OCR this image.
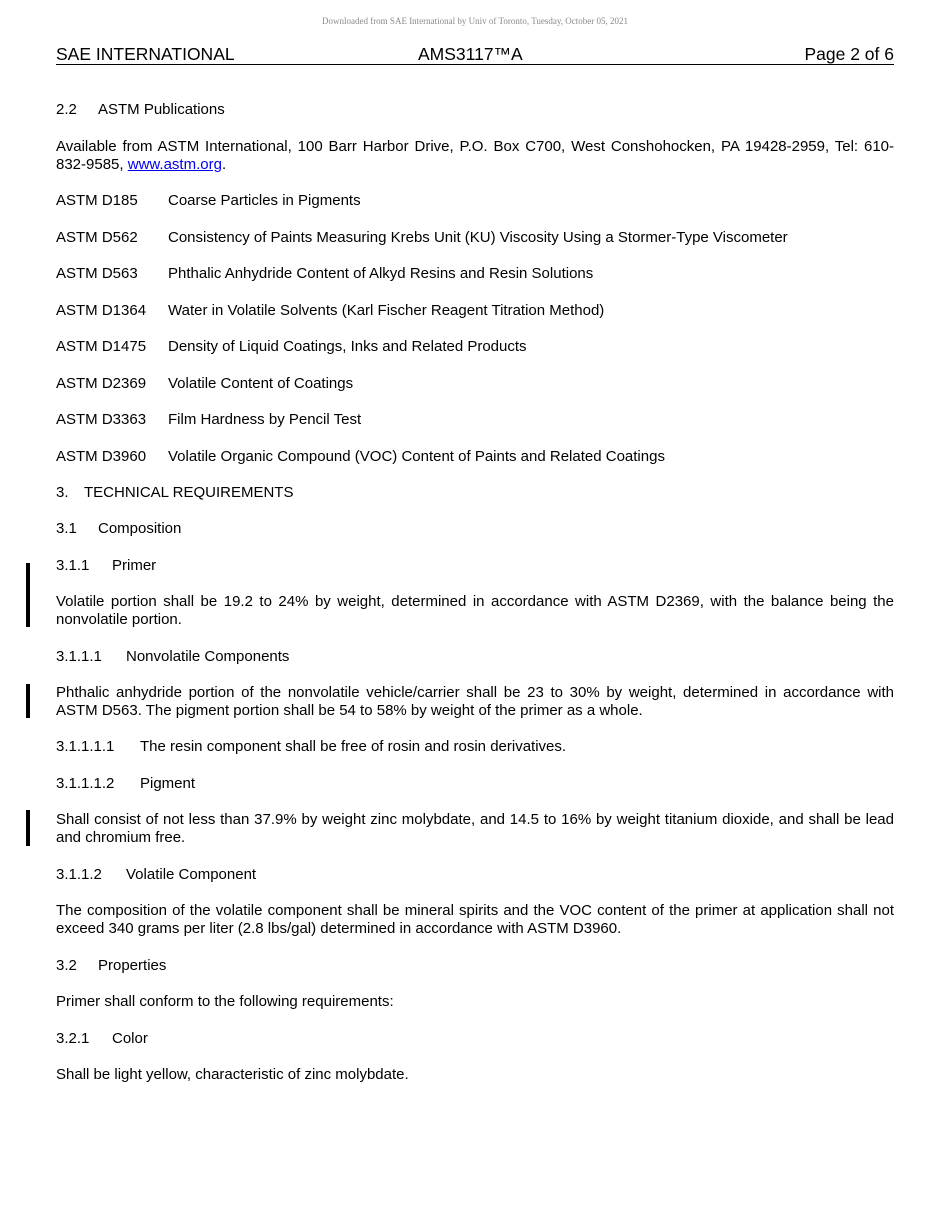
Downloaded from SAE International by Univ of Toronto, Tuesday, October 05, 2021
SAE INTERNATIONAL	AMS3117™A	Page 2 of 6

2.2 ASTM Publications

Available from ASTM International, 100 Barr Harbor Drive, P.O. Box C700, West Conshohocken, PA 19428-2959, Tel: 610-832-9585, www.astm.org.

ASTM D185 Coarse Particles in Pigments

ASTM D562 Consistency of Paints Measuring Krebs Unit (KU) Viscosity Using a Stormer-Type Viscometer

ASTM D563 Phthalic Anhydride Content of Alkyd Resins and Resin Solutions

ASTM D1364 Water in Volatile Solvents (Karl Fischer Reagent Titration Method)

ASTM D1475 Density of Liquid Coatings, Inks and Related Products

ASTM D2369 Volatile Content of Coatings

ASTM D3363 Film Hardness by Pencil Test

ASTM D3960 Volatile Organic Compound (VOC) Content of Paints and Related Coatings

3. TECHNICAL REQUIREMENTS

3.1 Composition

3.1.1 Primer

Volatile portion shall be 19.2 to 24% by weight, determined in accordance with ASTM D2369, with the balance being the nonvolatile portion.

3.1.1.1 Nonvolatile Components

Phthalic anhydride portion of the nonvolatile vehicle/carrier shall be 23 to 30% by weight, determined in accordance with ASTM D563. The pigment portion shall be 54 to 58% by weight of the primer as a whole.

3.1.1.1.1 The resin component shall be free of rosin and rosin derivatives.

3.1.1.1.2 Pigment

Shall consist of not less than 37.9% by weight zinc molybdate, and 14.5 to 16% by weight titanium dioxide, and shall be lead and chromium free.

3.1.1.2 Volatile Component

The composition of the volatile component shall be mineral spirits and the VOC content of the primer at application shall not exceed 340 grams per liter (2.8 lbs/gal) determined in accordance with ASTM D3960.

3.2 Properties

Primer shall conform to the following requirements:

3.2.1 Color

Shall be light yellow, characteristic of zinc molybdate.
